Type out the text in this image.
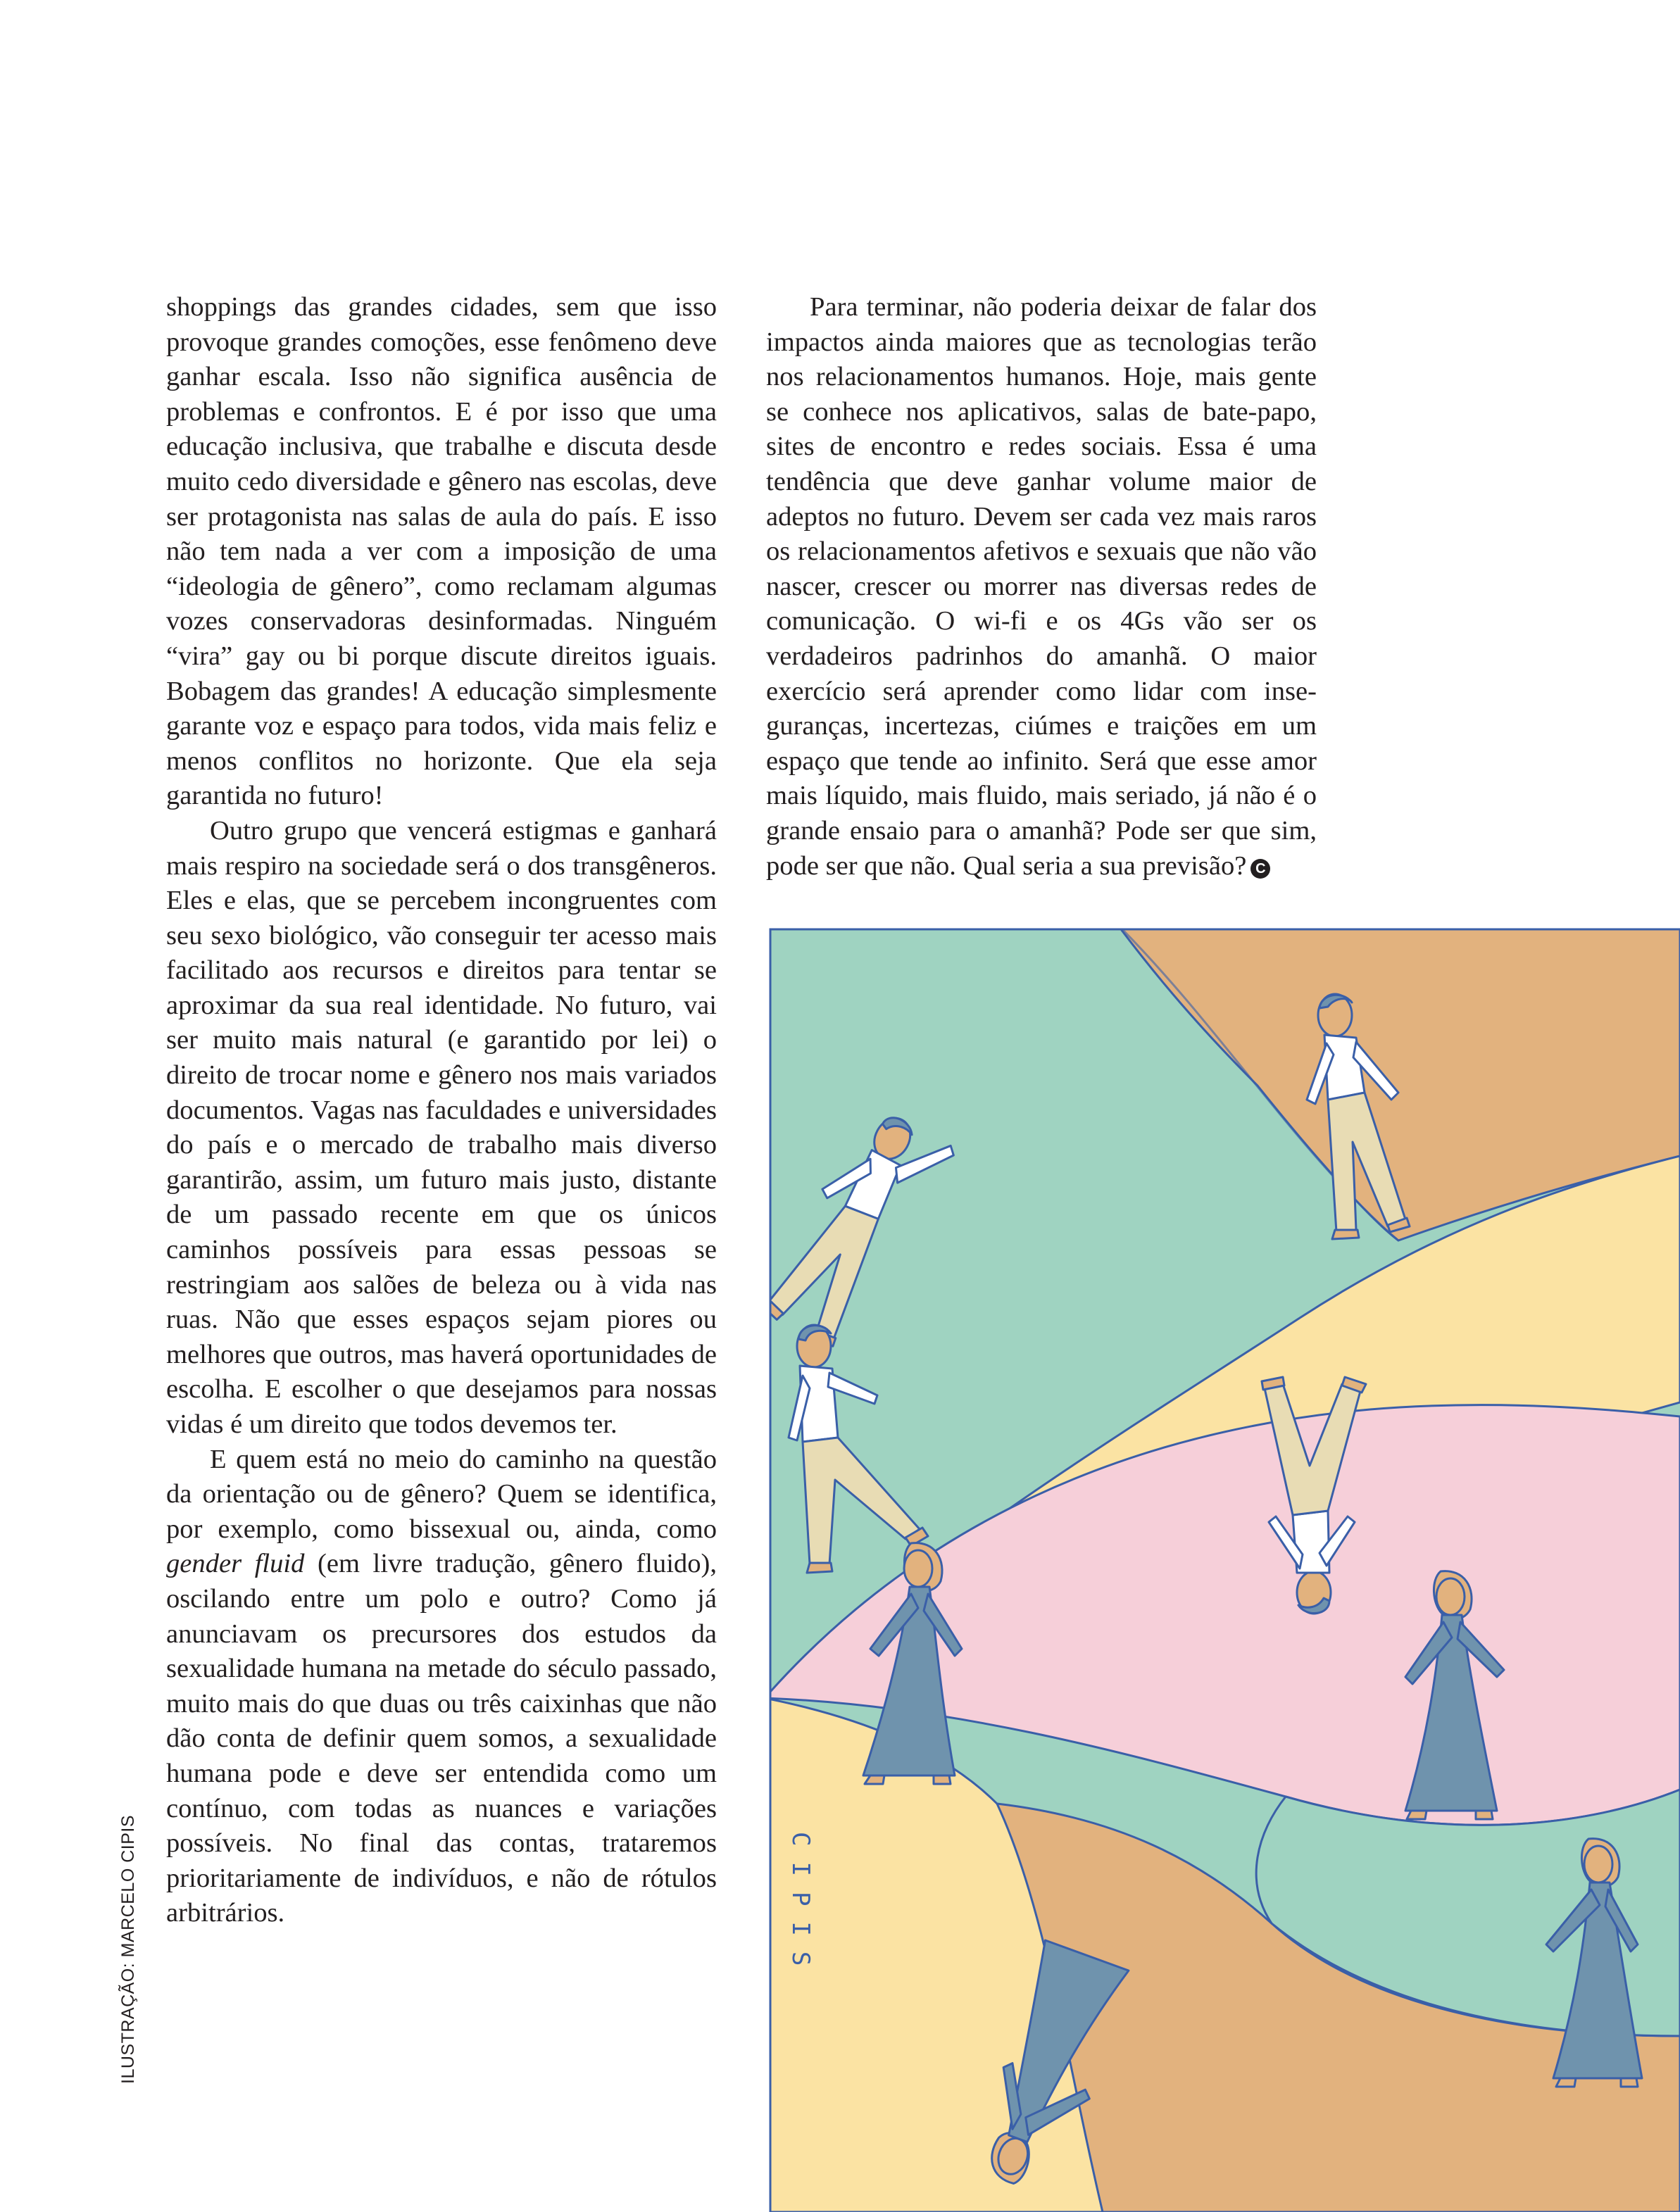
shoppings das grandes cidades, sem que isso provoque grandes comoções, esse fenômeno deve ganhar escala. Isso não significa ausência de problemas e confrontos. E é por isso que uma educação inclusiva, que trabalhe e discuta desde muito cedo diversidade e gênero nas escolas, deve ser protagonista nas salas de aula do país. E isso não tem nada a ver com a imposição de uma “ideologia de gênero”, como reclamam algumas vozes conservadoras desinformadas. Ninguém “vira” gay ou bi porque discute direitos iguais. Bobagem das grandes! A educação simplesmente garante voz e espaço para todos, vida mais feliz e menos conflitos no horizonte. Que ela seja garantida no futuro!

Outro grupo que vencerá estigmas e ganhará mais respiro na sociedade será o dos transgêneros. Eles e elas, que se percebem incongruentes com seu sexo biológico, vão conseguir ter acesso mais facilitado aos recursos e direitos para tentar se aproximar da sua real identidade. No futuro, vai ser muito mais natural (e garantido por lei) o direito de trocar nome e gênero nos mais variados documentos. Vagas nas faculdades e universidades do país e o mercado de trabalho mais diverso garantirão, assim, um futuro mais justo, distante de um passado recente em que os únicos caminhos possíveis para essas pessoas se restringiam aos salões de beleza ou à vida nas ruas. Não que esses espaços sejam piores ou melhores que outros, mas haverá oportunidades de escolha. E escolher o que desejamos para nossas vidas é um direito que todos devemos ter.

E quem está no meio do caminho na questão da orientação ou de gênero? Quem se identifica, por exemplo, como bissexual ou, ainda, como gender fluid (em livre tradução, gênero fluido), oscilando entre um polo e outro? Como já anunciavam os precursores dos estudos da sexualidade humana na metade do século passado, muito mais do que duas ou três caixinhas que não dão conta de definir quem somos, a sexualidade humana pode e deve ser entendida como um contínuo, com todas as nuances e variações possíveis. No final das contas, trataremos prioritariamente de indivíduos, e não de rótulos arbitrários.

Para terminar, não poderia deixar de falar dos impactos ainda maiores que as tecnologias terão nos relacionamentos humanos. Hoje, mais gente se conhece nos aplicativos, salas de bate-papo, sites de encontro e redes sociais. Essa é uma tendência que deve ganhar volume maior de adeptos no futuro. Devem ser cada vez mais raros os relacionamentos afetivos e sexuais que não vão nascer, crescer ou morrer nas diversas redes de comunicação. O wi-fi e os 4Gs vão ser os verdadeiros padrinhos do amanhã. O maior exercício será aprender como lidar com inseguranças, incertezas, ciúmes e traições em um espaço que tende ao infinito. Será que esse amor mais líquido, mais fluido, mais seriado, já não é o grande ensaio para o amanhã? Pode ser que sim, pode ser que não. Qual seria a sua previsão? C

ILUSTRAÇÃO: MARCELO CIPIS	CIPIS
